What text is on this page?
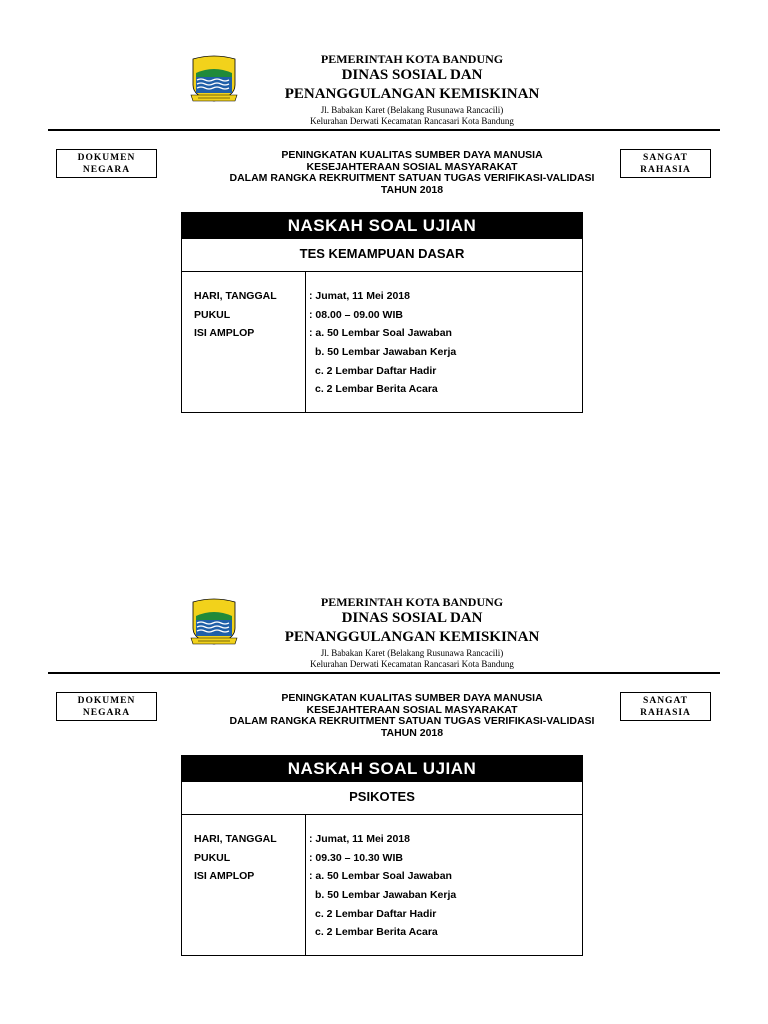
PEMERINTAH KOTA BANDUNG
DINAS SOSIAL DAN
PENANGGULANGAN KEMISKINAN
Jl. Babakan Karet (Belakang Rusunawa Rancacili)
Kelurahan Derwati Kecamatan Rancasari Kota Bandung
DOKUMEN
NEGARA
SANGAT
RAHASIA
PENINGKATAN KUALITAS SUMBER DAYA MANUSIA
KESEJAHTERAAN SOSIAL MASYARAKAT
DALAM RANGKA REKRUITMENT SATUAN TUGAS VERIFIKASI-VALIDASI
TAHUN 2018
NASKAH SOAL UJIAN
TES KEMAMPUAN DASAR
HARI, TANGGAL
PUKUL
ISI AMPLOP
: Jumat, 11 Mei 2018
: 08.00 – 09.00 WIB
: a. 50 Lembar Soal Jawaban
b. 50 Lembar Jawaban Kerja
c. 2 Lembar Daftar Hadir
c. 2 Lembar Berita Acara
PEMERINTAH KOTA BANDUNG
DINAS SOSIAL DAN
PENANGGULANGAN KEMISKINAN
Jl. Babakan Karet (Belakang Rusunawa Rancacili)
Kelurahan Derwati Kecamatan Rancasari Kota Bandung
DOKUMEN
NEGARA
SANGAT
RAHASIA
PENINGKATAN KUALITAS SUMBER DAYA MANUSIA
KESEJAHTERAAN SOSIAL MASYARAKAT
DALAM RANGKA REKRUITMENT SATUAN TUGAS VERIFIKASI-VALIDASI
TAHUN 2018
NASKAH SOAL UJIAN
PSIKOTES
HARI, TANGGAL
PUKUL
ISI AMPLOP
: Jumat, 11 Mei 2018
: 09.30 – 10.30 WIB
: a. 50 Lembar Soal Jawaban
b. 50 Lembar Jawaban Kerja
c. 2 Lembar Daftar Hadir
c. 2 Lembar Berita Acara
